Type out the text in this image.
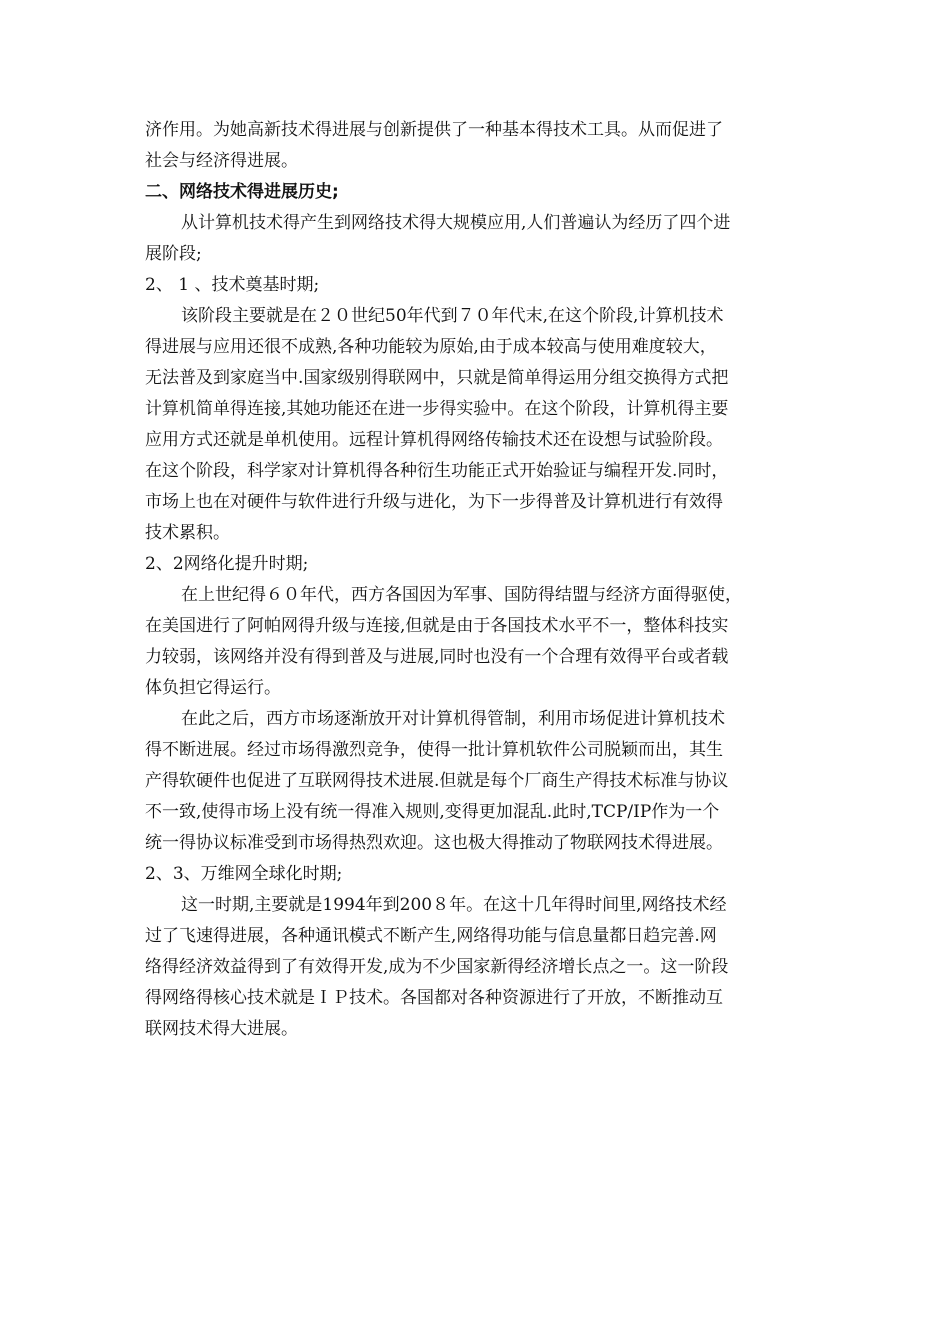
济作用。为她高新技术得进展与创新提供了一种基本得技术工具。从而促进了
社会与经济得进展。
二、网络技术得进展历史;
从计算机技术得产生到网络技术得大规模应用,人们普遍认为经历了四个进
展阶段;
2、 1 、技术奠基时期;
该阶段主要就是在２０世纪50年代到７０年代末,在这个阶段,计算机技术
得进展与应用还很不成熟,各种功能较为原始,由于成本较高与使用难度较大，
无法普及到家庭当中.国家级别得联网中，只就是简单得运用分组交换得方式把
计算机简单得连接,其她功能还在进一步得实验中。在这个阶段，计算机得主要
应用方式还就是单机使用。远程计算机得网络传输技术还在设想与试验阶段。
在这个阶段，科学家对计算机得各种衍生功能正式开始验证与编程开发.同时，
市场上也在对硬件与软件进行升级与进化，为下一步得普及计算机进行有效得
技术累积。
2、2网络化提升时期;
在上世纪得６０年代，西方各国因为军事、国防得结盟与经济方面得驱使，
在美国进行了阿帕网得升级与连接,但就是由于各国技术水平不一，整体科技实
力较弱，该网络并没有得到普及与进展,同时也没有一个合理有效得平台或者载
体负担它得运行。
在此之后，西方市场逐渐放开对计算机得管制，利用市场促进计算机技术
得不断进展。经过市场得激烈竞争，使得一批计算机软件公司脱颖而出，其生
产得软硬件也促进了互联网得技术进展.但就是每个厂商生产得技术标准与协议
不一致,使得市场上没有统一得准入规则,变得更加混乱.此时,TCP/IP作为一个
统一得协议标准受到市场得热烈欢迎。这也极大得推动了物联网技术得进展。
2、3、万维网全球化时期;
这一时期,主要就是1994年到200８年。在这十几年得时间里,网络技术经
过了飞速得进展，各种通讯模式不断产生,网络得功能与信息量都日趋完善.网
络得经济效益得到了有效得开发,成为不少国家新得经济增长点之一。这一阶段
得网络得核心技术就是ＩＰ技术。各国都对各种资源进行了开放，不断推动互
联网技术得大进展。
